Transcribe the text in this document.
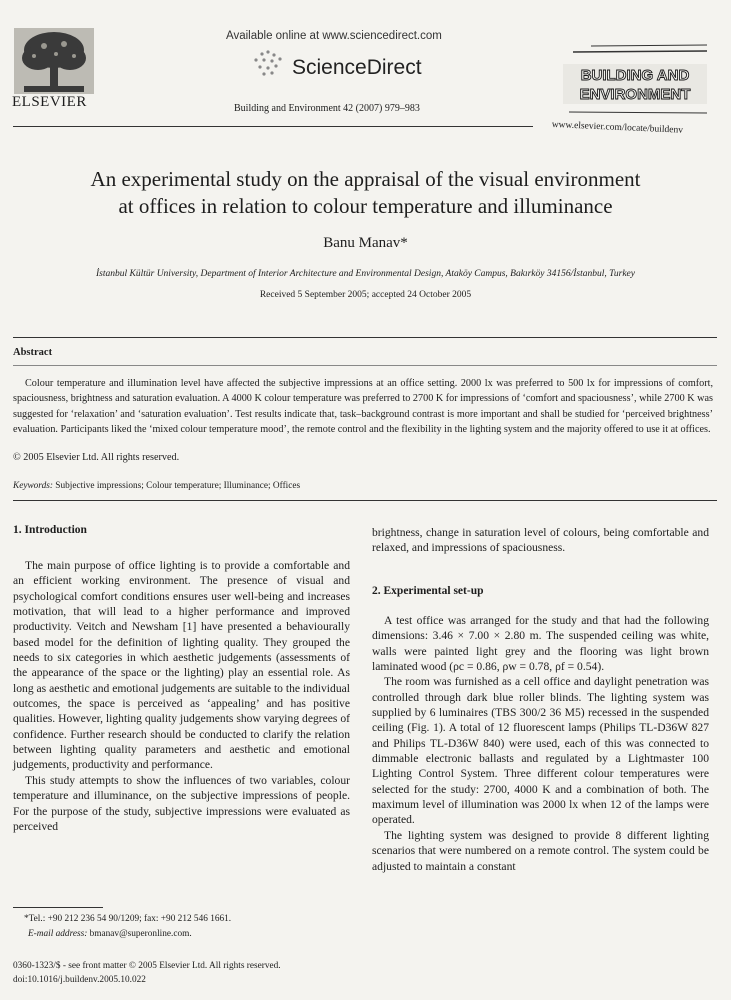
ELSEVIER
Available online at www.sciencedirect.com
ScienceDirect
Building and Environment 42 (2007) 979–983
BUILDING AND
ENVIRONMENT
www.elsevier.com/locate/buildenv
An experimental study on the appraisal of the visual environment
at offices in relation to colour temperature and illuminance
Banu Manav*
İstanbul Kültür University, Department of Interior Architecture and Environmental Design, Ataköy Campus, Bakırköy 34156/İstanbul, Turkey
Received 5 September 2005; accepted 24 October 2005
Abstract

Colour temperature and illumination level have affected the subjective impressions at an office setting. 2000 lx was preferred to 500 lx for impressions of comfort, spaciousness, brightness and saturation evaluation. A 4000 K colour temperature was preferred to 2700 K for impressions of ‘comfort and spaciousness’, while 2700 K was suggested for ‘relaxation’ and ‘saturation evaluation’. Test results indicate that, task–background contrast is more important and shall be studied for ‘perceived brightness’ evaluation. Participants liked the ‘mixed colour temperature mood’, the remote control and the flexibility in the lighting system and the majority offered to use it at offices.

© 2005 Elsevier Ltd. All rights reserved.
Keywords: Subjective impressions; Colour temperature; Illuminance; Offices
1. Introduction

The main purpose of office lighting is to provide a comfortable and an efficient working environment. The presence of visual and psychological comfort conditions ensures user well-being and increases motivation, that will lead to a higher performance and improved productivity. Veitch and Newsham [1] have presented a behaviourally based model for the definition of lighting quality. They grouped the needs to six categories in which aesthetic judgements (assessments of the appearance of the space or the lighting) play an essential role. As long as aesthetic and emotional judgements are suitable to the individual outcomes, the space is perceived as ‘appealing’ and has positive qualities. However, lighting quality judgements show varying degrees of confidence. Further research should be conducted to clarify the relation between lighting quality parameters and aesthetic and emotional judgements, productivity and performance.

This study attempts to show the influences of two variables, colour temperature and illuminance, on the subjective impressions of people. For the purpose of the study, subjective impressions were evaluated as perceived

brightness, change in saturation level of colours, being comfortable and relaxed, and impressions of spaciousness.

2. Experimental set-up

A test office was arranged for the study and that had the following dimensions: 3.46 × 7.00 × 2.80 m. The suspended ceiling was white, walls were painted light grey and the flooring was light brown laminated wood (ρc = 0.86, ρw = 0.78, ρf = 0.54).

The room was furnished as a cell office and daylight penetration was controlled through dark blue roller blinds. The lighting system was supplied by 6 luminaires (TBS 300/2 36 M5) recessed in the suspended ceiling (Fig. 1). A total of 12 fluorescent lamps (Philips TL-D36W 827 and Philips TL-D36W 840) were used, each of this was connected to dimmable electronic ballasts and regulated by a Lightmaster 100 Lighting Control System. Three different colour temperatures were selected for the study: 2700, 4000 K and a combination of both. The maximum level of illumination was 2000 lx when 12 of the lamps were operated.

The lighting system was designed to provide 8 different lighting scenarios that were numbered on a remote control. The system could be adjusted to maintain a constant

*Tel.: +90 212 236 54 90/1209; fax: +90 212 546 1661.
E-mail address: bmanav@superonline.com.
0360-1323/$ - see front matter © 2005 Elsevier Ltd. All rights reserved.
doi:10.1016/j.buildenv.2005.10.022
